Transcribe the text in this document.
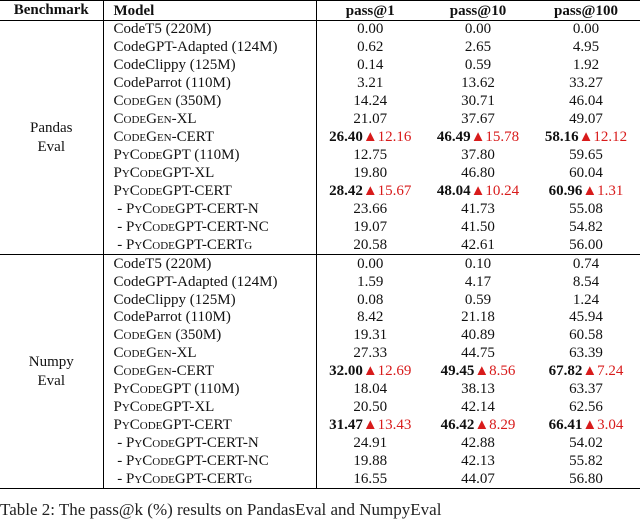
Benchmark	Model	pass@1	pass@10	pass@100

Pandas
Eval	CodeT5 (220M)	0.00	0.00	0.00
	CodeGPT-Adapted (124M)	0.62	2.65	4.95
	CodeClippy (125M)	0.14	0.59	1.92
	CodeParrot (110M)	3.21	13.62	33.27
	CodeGen (350M)	14.24	30.71	46.04
	CodeGen-XL	21.07	37.67	49.07
	CodeGen-CERT	26.40▲12.16	46.49▲15.78	58.16▲12.12
	PyCodeGPT (110M)	12.75	37.80	59.65
	PyCodeGPT-XL	19.80	46.80	60.04
	PyCodeGPT-CERT	28.42▲15.67	48.04▲10.24	60.96▲1.31
	- PyCodeGPT-CERT-N	23.66	41.73	55.08
	- PyCodeGPT-CERT-NC	19.07	41.50	54.82
	- PyCodeGPT-CERTg	20.58	42.61	56.00

Numpy
Eval	CodeT5 (220M)	0.00	0.10	0.74
	CodeGPT-Adapted (124M)	1.59	4.17	8.54
	CodeClippy (125M)	0.08	0.59	1.24
	CodeParrot (110M)	8.42	21.18	45.94
	CodeGen (350M)	19.31	40.89	60.58
	CodeGen-XL	27.33	44.75	63.39
	CodeGen-CERT	32.00▲12.69	49.45▲8.56	67.82▲7.24
	PyCodeGPT (110M)	18.04	38.13	63.37
	PyCodeGPT-XL	20.50	42.14	62.56
	PyCodeGPT-CERT	31.47▲13.43	46.42▲8.29	66.41▲3.04
	- PyCodeGPT-CERT-N	24.91	42.88	54.02
	- PyCodeGPT-CERT-NC	19.88	42.13	55.82
	- PyCodeGPT-CERTg	16.55	44.07	56.80
Table 2: The pass@k (%) results on PandasEval and NumpyEval
